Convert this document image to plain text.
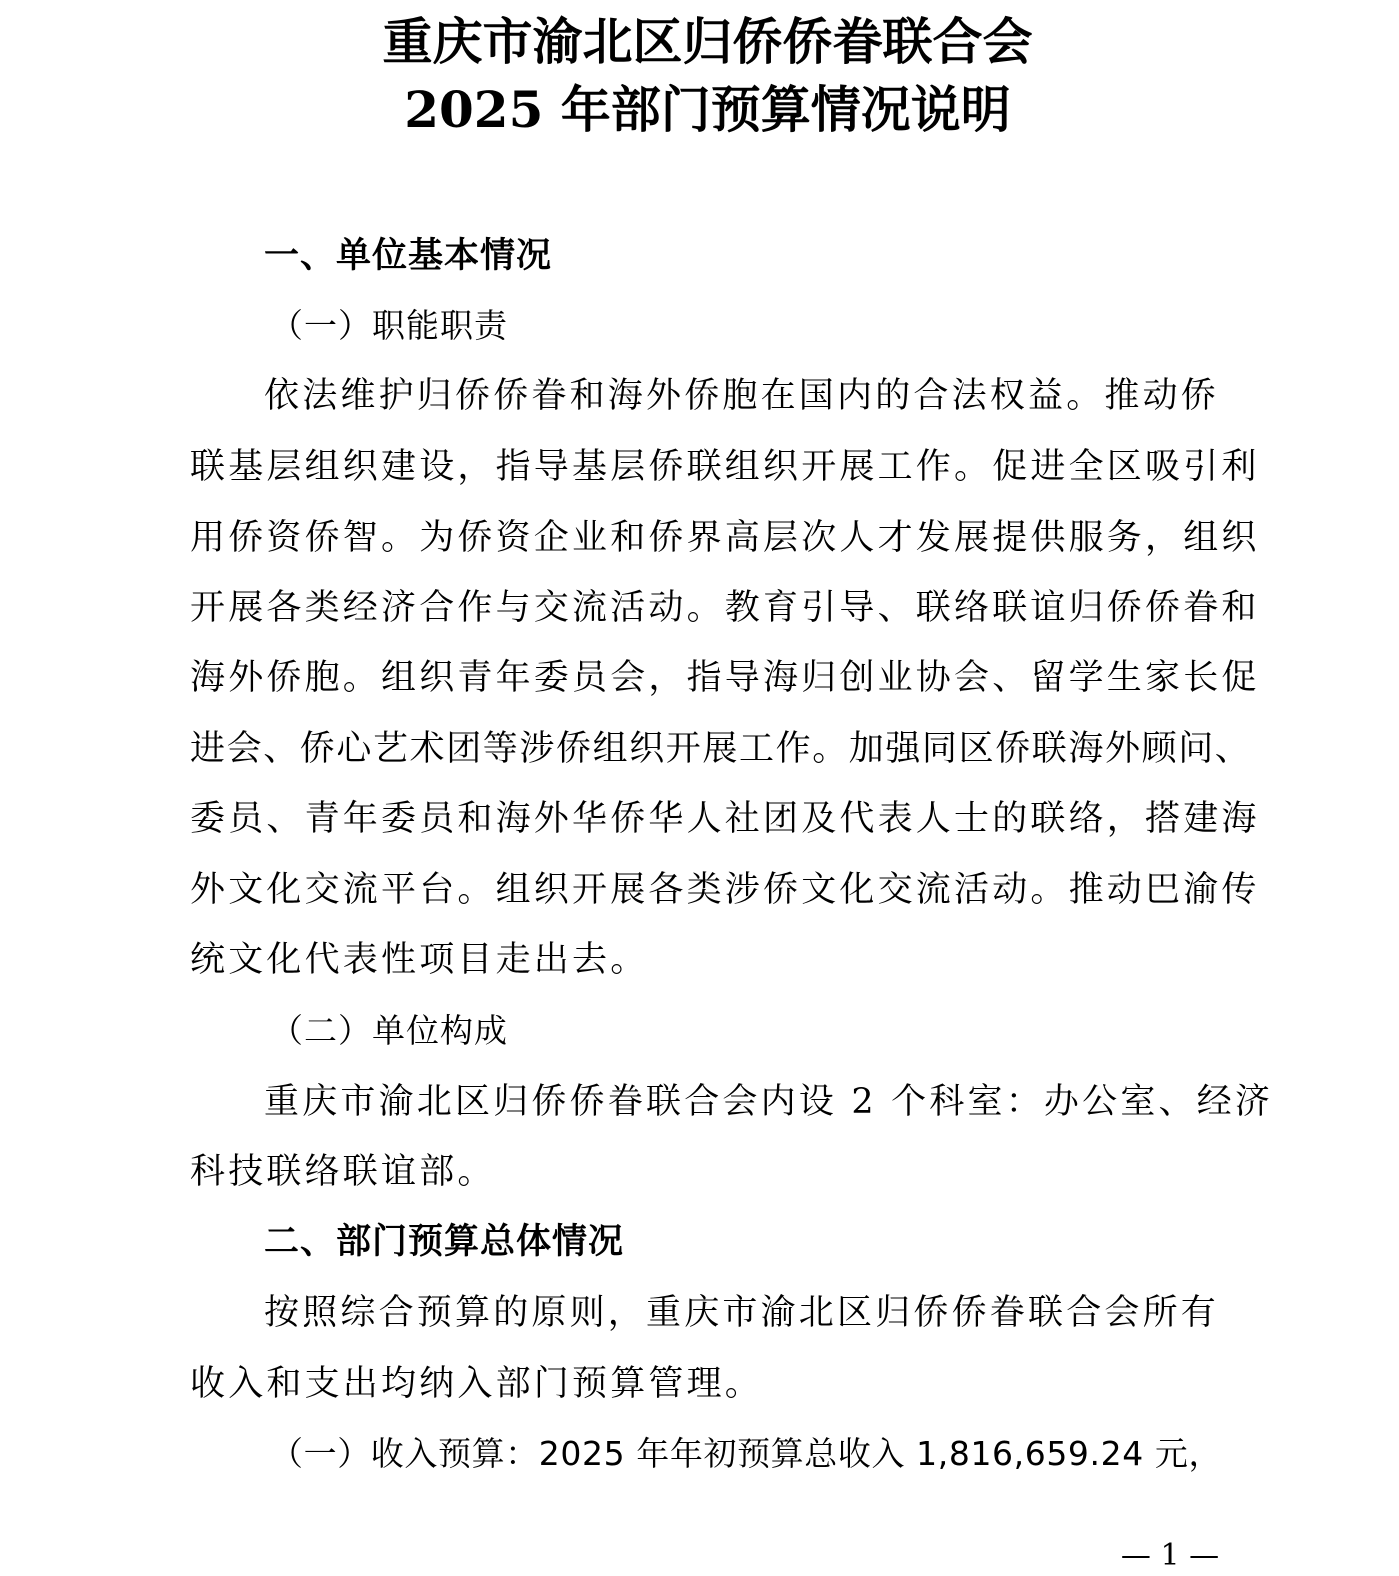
重庆市渝北区归侨侨眷联合会
2025 年部门预算情况说明
一、单位基本情况
（一）职能职责
依法维护归侨侨眷和海外侨胞在国内的合法权益。推动侨
联基层组织建设，指导基层侨联组织开展工作。促进全区吸引利
用侨资侨智。为侨资企业和侨界高层次人才发展提供服务，组织
开展各类经济合作与交流活动。教育引导、联络联谊归侨侨眷和
海外侨胞。组织青年委员会，指导海归创业协会、留学生家长促
进会、侨心艺术团等涉侨组织开展工作。加强同区侨联海外顾问、
委员、青年委员和海外华侨华人社团及代表人士的联络，搭建海
外文化交流平台。组织开展各类涉侨文化交流活动。推动巴渝传
统文化代表性项目走出去。
（二）单位构成
重庆市渝北区归侨侨眷联合会内设 2 个科室：办公室、经济
科技联络联谊部。
二、部门预算总体情况
按照综合预算的原则，重庆市渝北区归侨侨眷联合会所有
收入和支出均纳入部门预算管理。
（一）收入预算：2025 年年初预算总收入 1,816,659.24 元，
— 1 —
